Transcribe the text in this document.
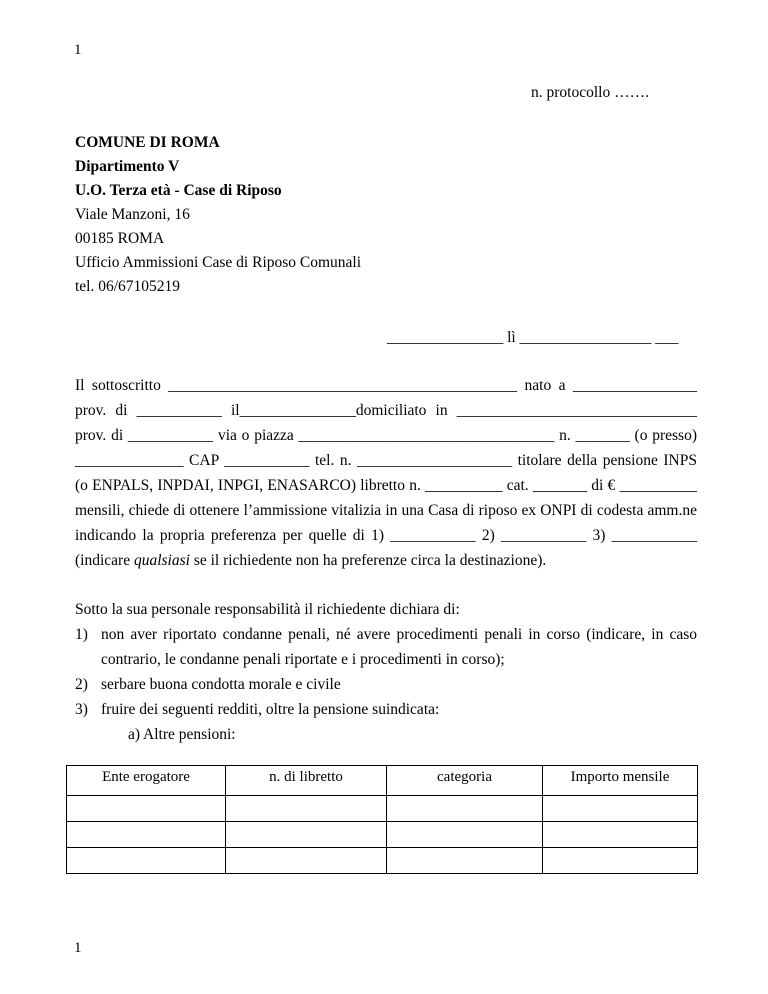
1
n. protocollo …….
COMUNE DI ROMA
Dipartimento V
U.O. Terza età - Case di Riposo
Viale Manzoni, 16
00185 ROMA
Ufficio Ammissioni Case di Riposo Comunali
tel. 06/67105219
_______________ lì _________________ ___
Il sottoscritto _____________________________________________ nato a ________________
prov. di ___________ il_______________domiciliato in _______________________________
prov. di ___________ via o piazza _________________________________ n. _______ (o presso)
______________ CAP ___________ tel. n. ____________________ titolare della pensione INPS
(o ENPALS, INPDAI, INPGI, ENASARCO) libretto n. __________ cat. _______ di € __________
mensili, chiede di ottenere l’ammissione vitalizia in una Casa di riposo ex ONPI di codesta amm.ne
indicando la propria preferenza per quelle di 1) ___________ 2) ___________ 3) ___________
(indicare qualsiasi se il richiedente non ha preferenze circa la destinazione).
Sotto la sua personale responsabilità il richiedente dichiara di:
1) non aver riportato condanne penali, né avere procedimenti penali in corso (indicare, in caso
contrario, le condanne penali riportate e i procedimenti in corso);
2) serbare buona condotta morale e civile
3) fruire dei seguenti redditi, oltre la pensione suindicata:
a) Altre pensioni:
Ente erogatore	n. di libretto	categoria	Importo mensile

1
